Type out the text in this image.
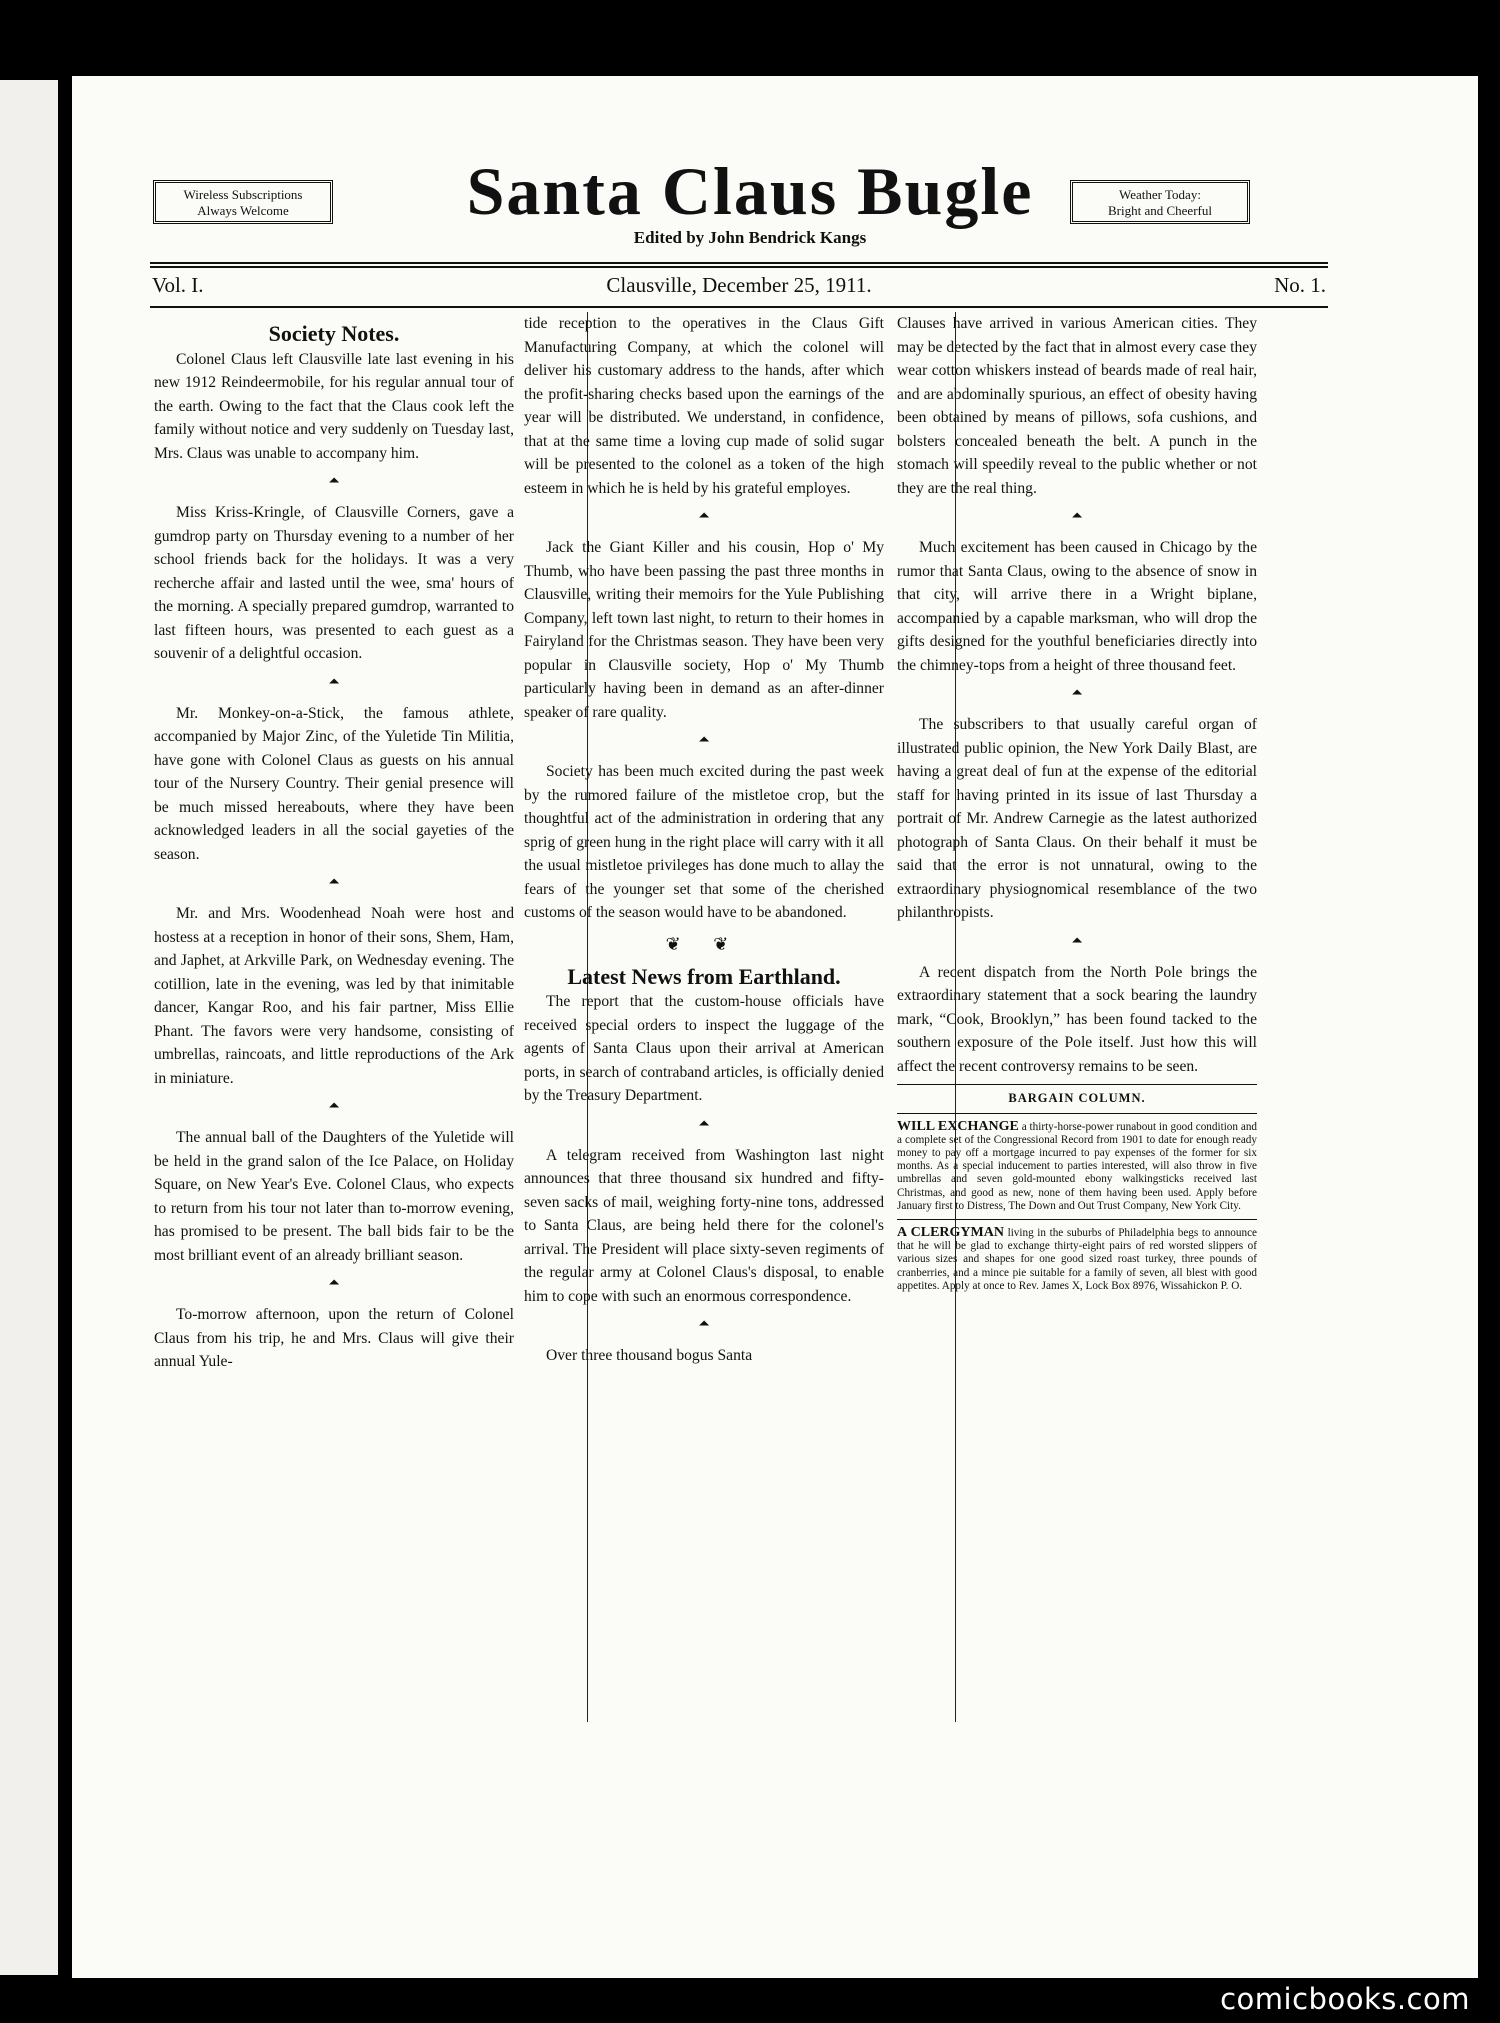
Wireless Subscriptions
Always Welcome	Santa Claus Bugle	Weather Today:
Bright and Cheerful
Edited by John Bendrick Kangs
Vol. I.	Clausville, December 25, 1911.	No. 1.
Society Notes.

Colonel Claus left Clausville late last evening in his new 1912 Reindeermobile, for his regular annual tour of the earth. Owing to the fact that the Claus cook left the family without notice and very suddenly on Tuesday last, Mrs. Claus was unable to accompany him.

⏶

Miss Kriss-Kringle, of Clausville Corners, gave a gumdrop party on Thursday evening to a number of her school friends back for the holidays. It was a very recherche affair and lasted until the wee, sma' hours of the morning. A specially prepared gumdrop, warranted to last fifteen hours, was presented to each guest as a souvenir of a delightful occasion.

⏶

Mr. Monkey-on-a-Stick, the famous athlete, accompanied by Major Zinc, of the Yuletide Tin Militia, have gone with Colonel Claus as guests on his annual tour of the Nursery Country. Their genial presence will be much missed hereabouts, where they have been acknowledged leaders in all the social gayeties of the season.

⏶

Mr. and Mrs. Woodenhead Noah were host and hostess at a reception in honor of their sons, Shem, Ham, and Japhet, at Arkville Park, on Wednesday evening. The cotillion, late in the evening, was led by that inimitable dancer, Kangar Roo, and his fair partner, Miss Ellie Phant. The favors were very handsome, consisting of umbrellas, raincoats, and little reproductions of the Ark in miniature.

⏶

The annual ball of the Daughters of the Yuletide will be held in the grand salon of the Ice Palace, on Holiday Square, on New Year's Eve. Colonel Claus, who expects to return from his tour not later than to-morrow evening, has promised to be present. The ball bids fair to be the most brilliant event of an already brilliant season.

⏶

To-morrow afternoon, upon the return of Colonel Claus from his trip, he and Mrs. Claus will give their annual Yule-

tide reception to the operatives in the Claus Gift Manufacturing Company, at which the colonel will deliver his customary address to the hands, after which the profit-sharing checks based upon the earnings of the year will be distributed. We understand, in confidence, that at the same time a loving cup made of solid sugar will be presented to the colonel as a token of the high esteem in which he is held by his grateful employes.

⏶

Jack the Giant Killer and his cousin, Hop o' My Thumb, who have been passing the past three months in Clausville, writing their memoirs for the Yule Publishing Company, left town last night, to return to their homes in Fairyland for the Christmas season. They have been very popular in Clausville society, Hop o' My Thumb particularly having been in demand as an after-dinner speaker of rare quality.

⏶

Society has been much excited during the past week by the rumored failure of the mistletoe crop, but the thoughtful act of the administration in ordering that any sprig of green hung in the right place will carry with it all the usual mistletoe privileges has done much to allay the fears of the younger set that some of the cherished customs of the season would have to be abandoned.

❦ ❦
Latest News from Earthland.

The report that the custom-house officials have received special orders to inspect the luggage of the agents of Santa Claus upon their arrival at American ports, in search of contraband articles, is officially denied by the Treasury Department.

⏶

A telegram received from Washington last night announces that three thousand six hundred and fifty-seven sacks of mail, weighing forty-nine tons, addressed to Santa Claus, are being held there for the colonel's arrival. The President will place sixty-seven regiments of the regular army at Colonel Claus's disposal, to enable him to cope with such an enormous correspondence.

⏶

Over three thousand bogus Santa

Clauses have arrived in various American cities. They may be detected by the fact that in almost every case they wear cotton whiskers instead of beards made of real hair, and are abdominally spurious, an effect of obesity having been obtained by means of pillows, sofa cushions, and bolsters concealed beneath the belt. A punch in the stomach will speedily reveal to the public whether or not they are the real thing.

⏶

Much excitement has been caused in Chicago by the rumor that Santa Claus, owing to the absence of snow in that city, will arrive there in a Wright biplane, accompanied by a capable marksman, who will drop the gifts designed for the youthful beneficiaries directly into the chimney-tops from a height of three thousand feet.

⏶

The subscribers to that usually careful organ of illustrated public opinion, the New York Daily Blast, are having a great deal of fun at the expense of the editorial staff for having printed in its issue of last Thursday a portrait of Mr. Andrew Carnegie as the latest authorized photograph of Santa Claus. On their behalf it must be said that the error is not unnatural, owing to the extraordinary physiognomical resemblance of the two philanthropists.

⏶

A recent dispatch from the North Pole brings the extraordinary statement that a sock bearing the laundry mark, “Cook, Brooklyn,” has been found tacked to the southern exposure of the Pole itself. Just how this will affect the recent controversy remains to be seen.

BARGAIN COLUMN.
WILL EXCHANGE a thirty-horse-power runabout in good condition and a complete set of the Congressional Record from 1901 to date for enough ready money to pay off a mortgage incurred to pay expenses of the former for six months. As a special inducement to parties interested, will also throw in five umbrellas and seven gold-mounted ebony walkingsticks received last Christmas, and good as new, none of them having been used. Apply before January first to Distress, The Down and Out Trust Company, New York City.
A CLERGYMAN living in the suburbs of Philadelphia begs to announce that he will be glad to exchange thirty-eight pairs of red worsted slippers of various sizes and shapes for one good sized roast turkey, three pounds of cranberries, and a mince pie suitable for a family of seven, all blest with good appetites. Apply at once to Rev. James X, Lock Box 8976, Wissahickon P. O.
comicbooks.com
